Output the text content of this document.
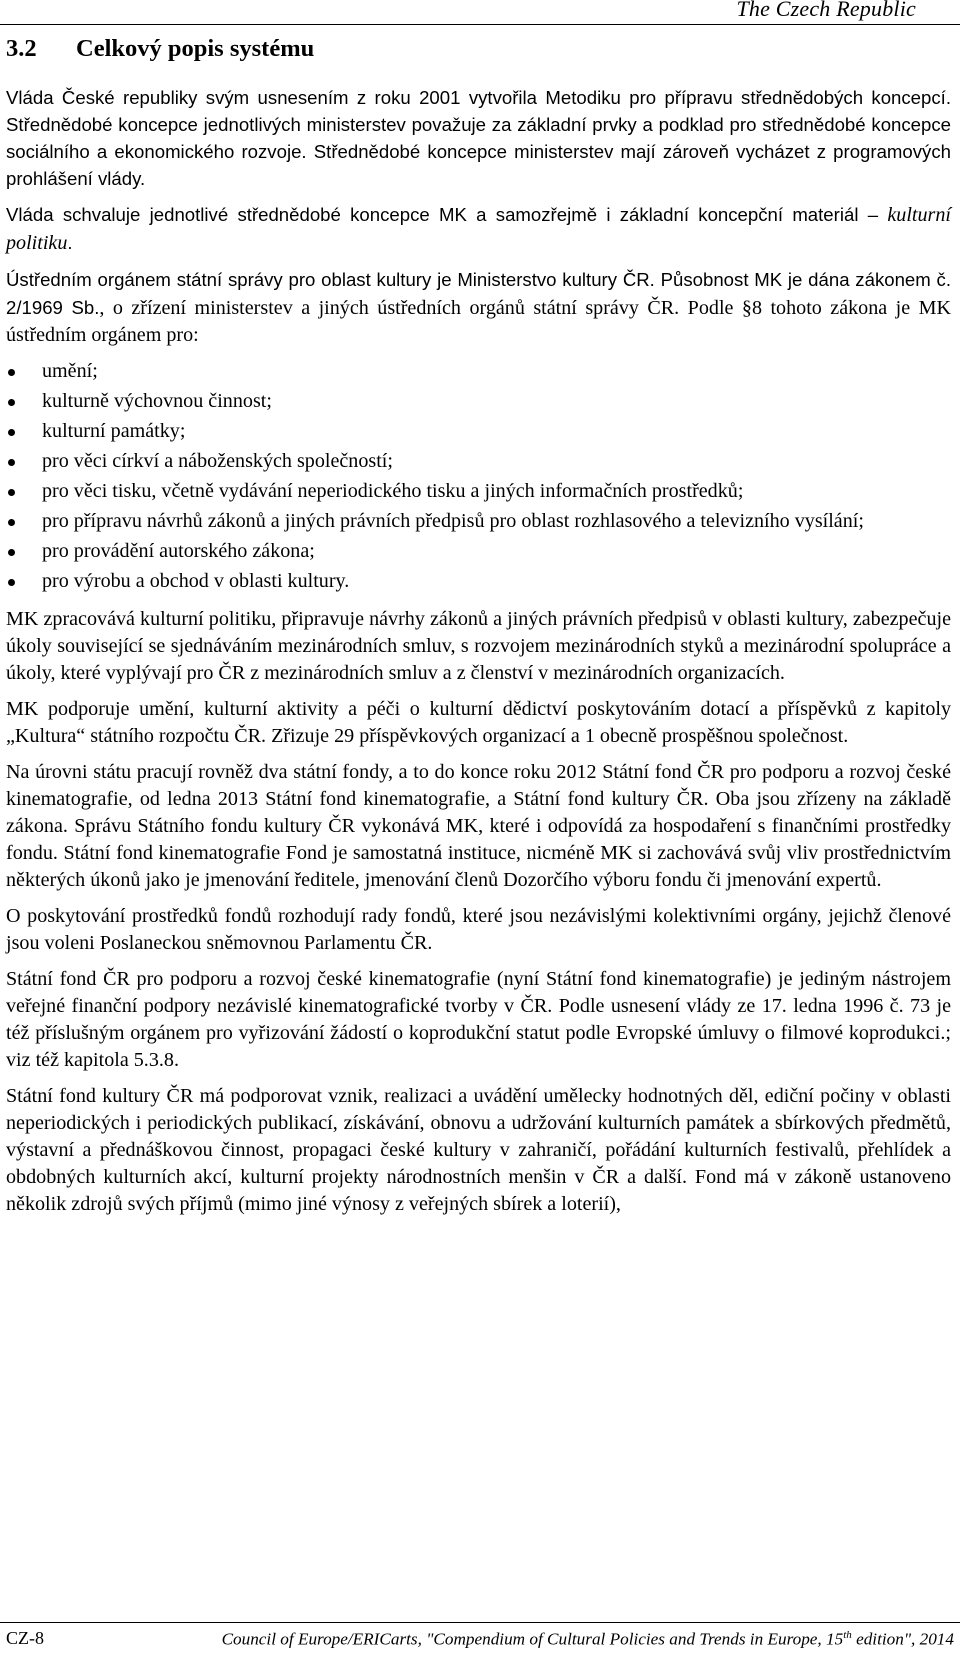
The Czech Republic
3.2 Celkový popis systému

Vláda České republiky svým usnesením z roku 2001 vytvořila Metodiku pro přípravu střednědobých koncepcí. Střednědobé koncepce jednotlivých ministerstev považuje za základní prvky a podklad pro střednědobé koncepce sociálního a ekonomického rozvoje. Střednědobé koncepce ministerstev mají zároveň vycházet z programových prohlášení vlády.

Vláda schvaluje jednotlivé střednědobé koncepce MK a samozřejmě i základní koncepční materiál – kulturní politiku.

Ústředním orgánem státní správy pro oblast kultury je Ministerstvo kultury ČR. Působnost MK je dána zákonem č. 2/1969 Sb., o zřízení ministerstev a jiných ústředních orgánů státní správy ČR. Podle §8 tohoto zákona je MK ústředním orgánem pro:

umění;
kulturně výchovnou činnost;
kulturní památky;
pro věci církví a náboženských společností;
pro věci tisku, včetně vydávání neperiodického tisku a jiných informačních prostředků;
pro přípravu návrhů zákonů a jiných právních předpisů pro oblast rozhlasového a televizního vysílání;
pro provádění autorského zákona;
pro výrobu a obchod v oblasti kultury.

MK zpracovává kulturní politiku, připravuje návrhy zákonů a jiných právních předpisů v oblasti kultury, zabezpečuje úkoly související se sjednáváním mezinárodních smluv, s rozvojem mezinárodních styků a mezinárodní spolupráce a úkoly, které vyplývají pro ČR z mezinárodních smluv a z členství v mezinárodních organizacích.

MK podporuje umění, kulturní aktivity a péči o kulturní dědictví poskytováním dotací a příspěvků z kapitoly „Kultura“ státního rozpočtu ČR. Zřizuje 29 příspěvkových organizací a 1 obecně prospěšnou společnost.

Na úrovni státu pracují rovněž dva státní fondy, a to do konce roku 2012 Státní fond ČR pro podporu a rozvoj české kinematografie, od ledna 2013 Státní fond kinematografie, a Státní fond kultury ČR. Oba jsou zřízeny na základě zákona. Správu Státního fondu kultury ČR vykonává MK, které i odpovídá za hospodaření s finančními prostředky fondu. Státní fond kinematografie Fond je samostatná instituce, nicméně MK si zachovává svůj vliv prostřednictvím některých úkonů jako je jmenování ředitele, jmenování členů Dozorčího výboru fondu či jmenování expertů.

O poskytování prostředků fondů rozhodují rady fondů, které jsou nezávislými kolektivními orgány, jejichž členové jsou voleni Poslaneckou sněmovnou Parlamentu ČR.

Státní fond ČR pro podporu a rozvoj české kinematografie (nyní Státní fond kinematografie) je jediným nástrojem veřejné finanční podpory nezávislé kinematografické tvorby v ČR. Podle usnesení vlády ze 17. ledna 1996 č. 73 je též příslušným orgánem pro vyřizování žádostí o koprodukční statut podle Evropské úmluvy o filmové koprodukci.; viz též kapitola 5.3.8.

Státní fond kultury ČR má podporovat vznik, realizaci a uvádění umělecky hodnotných děl, ediční počiny v oblasti neperiodických i periodických publikací, získávání, obnovu a udržování kulturních památek a sbírkových předmětů, výstavní a přednáškovou činnost, propagaci české kultury v zahraničí, pořádání kulturních festivalů, přehlídek a obdobných kulturních akcí, kulturní projekty národnostních menšin v ČR a další. Fond má v zákoně ustanoveno několik zdrojů svých příjmů (mimo jiné výnosy z veřejných sbírek a loterií),

CZ-8	Council of Europe/ERICarts, "Compendium of Cultural Policies and Trends in Europe, 15th edition", 2014
